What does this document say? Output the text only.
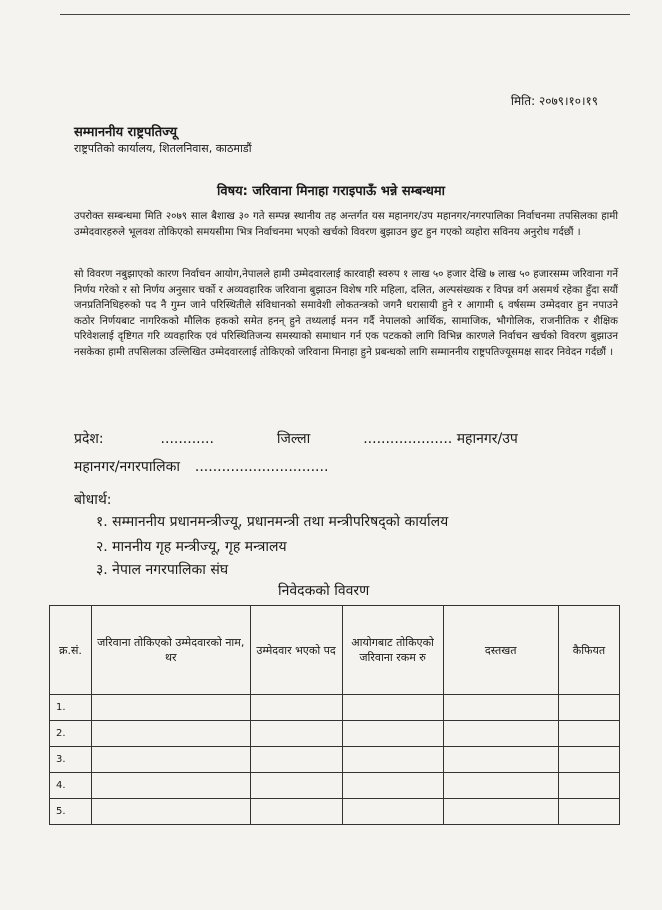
मिति: २०७९।१०।१९
सम्माननीय राष्ट्रपतिज्यू
राष्ट्रपतिको कार्यालय, शितलनिवास, काठमाडौं
विषय: जरिवाना मिनाहा गराइपाऊँ भन्ने सम्बन्धमा
उपरोक्त सम्बन्धमा मिति २०७९ साल बैशाख ३० गते सम्पन्न स्थानीय तह अन्तर्गत यस महानगर/उप महानगर/नगरपालिका निर्वाचनमा तपसिलका हामी उम्मेदवारहरुले भूलवश तोकिएको समयसीमा भित्र निर्वाचनमा भएको खर्चको विवरण बुझाउन छुट हुन गएको व्यहोरा सविनय अनुरोध गर्दछौं ।
सो विवरण नबुझाएको कारण निर्वाचन आयोग,नेपालले हामी उम्मेदवारलाई कारवाही स्वरुप १ लाख ५० हजार देखि ७ लाख ५० हजारसम्म जरिवाना गर्ने निर्णय गरेको र सो निर्णय अनुसार चर्को र अव्यवहारिक जरिवाना बुझाउन विशेष गरि महिला, दलित, अल्पसंख्यक र विपन्न वर्ग असमर्थ रहेका हुँदा सयौं जनप्रतिनिधिहरुको पद नै गुम्न जाने परिस्थितीले संविधानको समावेशी लोकतन्त्रको जगनै धरासायी हुने र आगामी ६ वर्षसम्म उम्मेदवार हुन नपाउने कठोर निर्णयबाट नागरिकको मौलिक हकको समेत हनन् हुने तथ्यलाई मनन गर्दै नेपालको आर्थिक, सामाजिक, भौगोलिक, राजनीतिक र शैक्षिक परिवेशलाई दृष्टिगत गरि व्यवहारिक एवं परिस्थितिजन्य समस्याको समाधान गर्न एक पटकको लागि विभिन्न कारणले निर्वाचन खर्चको विवरण बुझाउन नसकेका हामी तपसिलका उल्लिखित उम्मेदवारलाई तोकिएको जरिवाना मिनाहा हुने प्रबन्धको लागि सम्माननीय राष्ट्रपतिज्यूसमक्ष सादर निवेदन गर्दछौं ।
प्रदेश:	............	जिल्ला	.................... महानगर/उप
महानगर/नगरपालिका ..............................
बोधार्थ:
१. सम्माननीय प्रधानमन्त्रीज्यू, प्रधानमन्त्री तथा मन्त्रीपरिषद्को कार्यालय
२. माननीय गृह मन्त्रीज्यू, गृह मन्त्रालय
३. नेपाल नगरपालिका संघ
निवेदकको विवरण
क्र.सं.	जरिवाना तोकिएको उम्मेदवारको नाम, थर	उम्मेदवार भएको पद	आयोगबाट तोकिएको जरिवाना रकम रु	दस्तखत	कैफियत
1.					
2.					
3.					
4.					
5.					
